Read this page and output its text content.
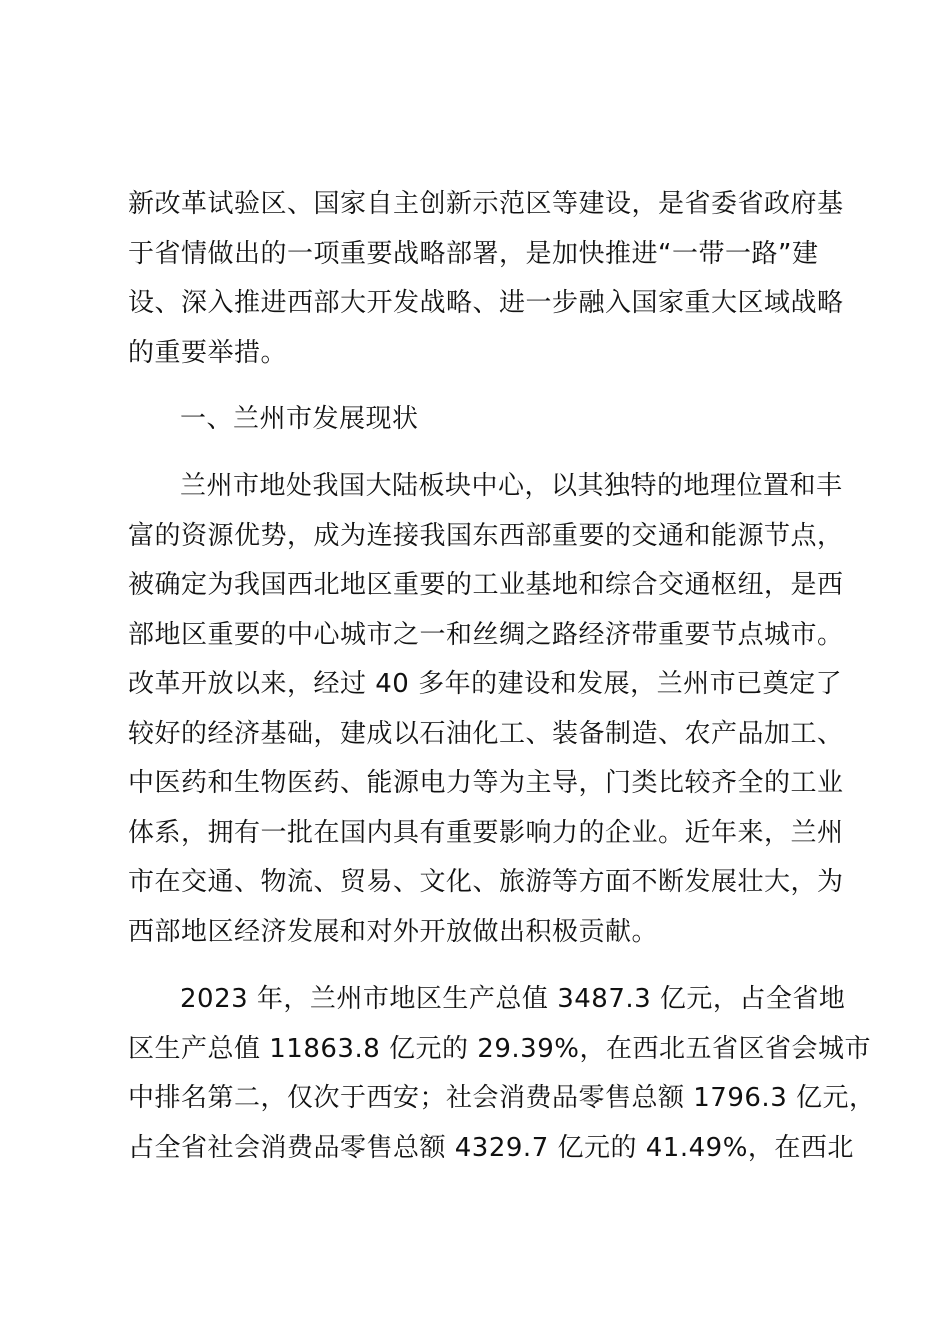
新改革试验区、国家自主创新示范区等建设，是省委省政府基
于省情做出的一项重要战略部署，是加快推进“一带一路”建
设、深入推进西部大开发战略、进一步融入国家重大区域战略
的重要举措。
一、兰州市发展现状
兰州市地处我国大陆板块中心，以其独特的地理位置和丰
富的资源优势，成为连接我国东西部重要的交通和能源节点，
被确定为我国西北地区重要的工业基地和综合交通枢纽，是西
部地区重要的中心城市之一和丝绸之路经济带重要节点城市。
改革开放以来，经过 40 多年的建设和发展，兰州市已奠定了
较好的经济基础，建成以石油化工、装备制造、农产品加工、
中医药和生物医药、能源电力等为主导，门类比较齐全的工业
体系，拥有一批在国内具有重要影响力的企业。近年来，兰州
市在交通、物流、贸易、文化、旅游等方面不断发展壮大，为
西部地区经济发展和对外开放做出积极贡献。
2023 年，兰州市地区生产总值 3487.3 亿元，占全省地
区生产总值 11863.8 亿元的 29.39%，在西北五省区省会城市
中排名第二，仅次于西安；社会消费品零售总额 1796.3 亿元，
占全省社会消费品零售总额 4329.7 亿元的 41.49%，在西北
